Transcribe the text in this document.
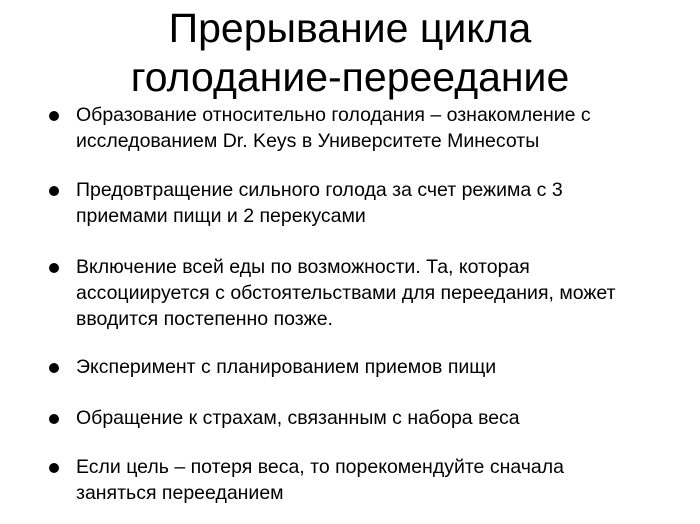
Прерывание цикла
голодание-переедание
Образование относительно голодания – ознакомление с
исследованием Dr. Keys в Университете Минесоты
Предовтращение сильного голода за счет режима с 3
приемами пищи и 2 перекусами
Включение всей еды по возможности. Та, которая
ассоциируется с обстоятельствами для переедания, может
вводится постепенно позже.
Эксперимент с планированием приемов пищи
Обращение к страхам, связанным с набора веса
Если цель – потеря веса, то порекомендуйте сначала
заняться перееданием
